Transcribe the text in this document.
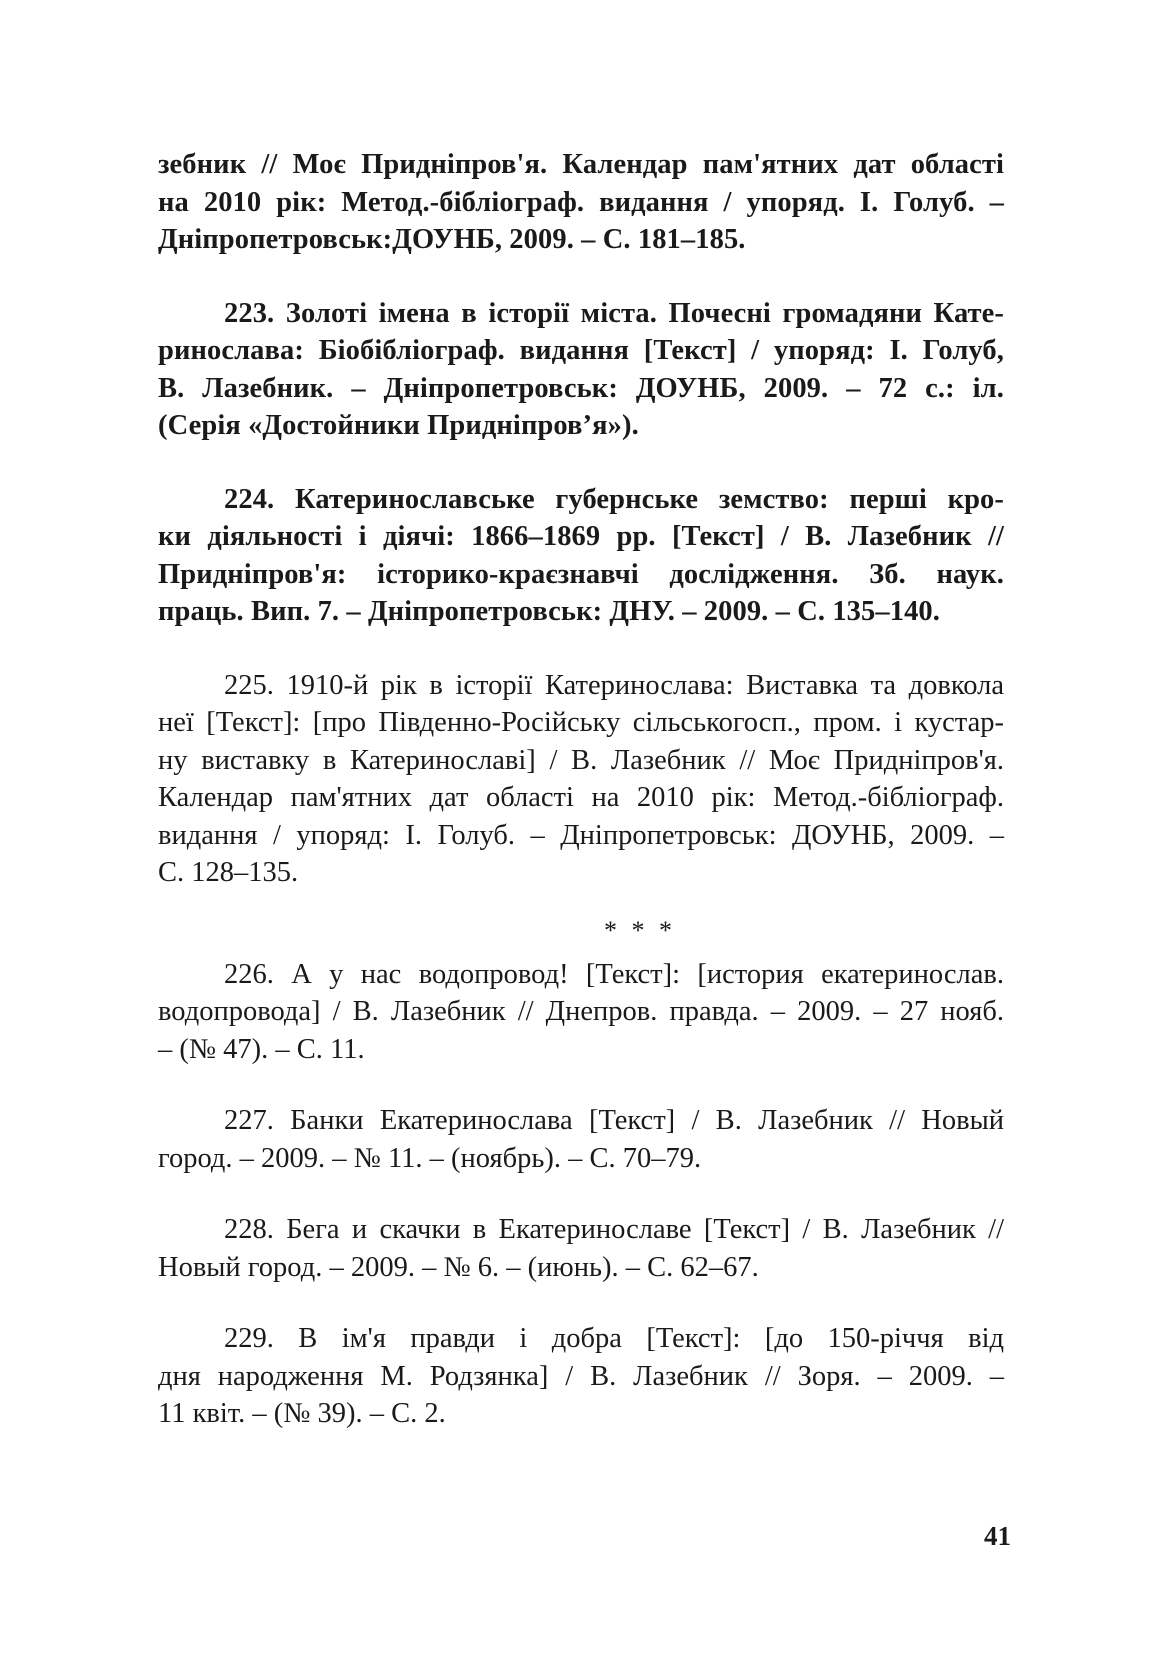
зебник // Моє Придніпров'я. Календар пам'ятних дат області
на 2010 рік: Метод.-бібліограф. видання / упоряд. І. Голуб. –
Дніпропетровськ:ДОУНБ, 2009. – С. 181–185.

223. Золоті імена в історії міста. Почесні громадяни Кате-
ринослава: Біобібліограф. видання [Текст] / упоряд: І. Голуб,
В. Лазебник. – Дніпропетровськ: ДОУНБ, 2009. – 72 с.: іл.
(Серія «Достойники Придніпров’я»).

224. Катеринославське губернське земство: перші кро-
ки діяльності і діячі: 1866–1869 рр. [Текст] / В. Лазебник //
Придніпров'я: історико-краєзнавчі дослідження. Зб. наук.
праць. Вип. 7. – Дніпропетровськ: ДНУ. – 2009. – С. 135–140.

225. 1910-й рік в історії Катеринослава: Виставка та довкола
неї [Текст]: [про Південно-Російську сільськогосп., пром. і кустар-
ну виставку в Катеринославі] / В. Лазебник // Моє Придніпров'я.
Календар пам'ятних дат області на 2010 рік: Метод.-бібліограф.
видання / упоряд: І. Голуб. – Дніпропетровськ: ДОУНБ, 2009. –
С. 128–135.

* * *

226. А у нас водопровод! [Текст]: [история екатеринослав.
водопровода] / В. Лазебник // Днепров. правда. – 2009. – 27 нояб.
– (№ 47). – С. 11.

227. Банки Екатеринослава [Текст] / В. Лазебник // Новый
город. – 2009. – № 11. – (ноябрь). – С. 70–79.

228. Бега и скачки в Екатеринославе [Текст] / В. Лазебник //
Новый город. – 2009. – № 6. – (июнь). – С. 62–67.

229. В ім'я правди і добра [Текст]: [до 150-річчя від
дня народження М. Родзянка] / В. Лазебник // Зоря. – 2009. –
11 квіт. – (№ 39). – С. 2.

41
